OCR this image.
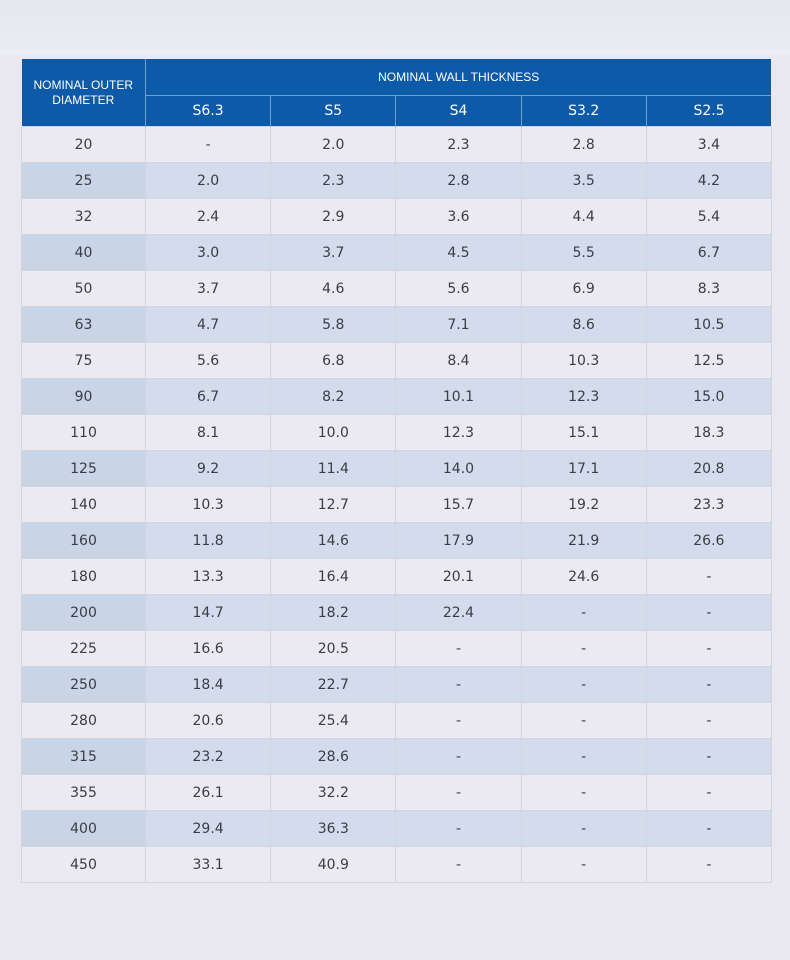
NOMINAL OUTER DIAMETER	NOMINAL WALL THICKNESS				
	S6.3	S5	S4	S3.2	S2.5
20	-	2.0	2.3	2.8	3.4
25	2.0	2.3	2.8	3.5	4.2
32	2.4	2.9	3.6	4.4	5.4
40	3.0	3.7	4.5	5.5	6.7
50	3.7	4.6	5.6	6.9	8.3
63	4.7	5.8	7.1	8.6	10.5
75	5.6	6.8	8.4	10.3	12.5
90	6.7	8.2	10.1	12.3	15.0
110	8.1	10.0	12.3	15.1	18.3
125	9.2	11.4	14.0	17.1	20.8
140	10.3	12.7	15.7	19.2	23.3
160	11.8	14.6	17.9	21.9	26.6
180	13.3	16.4	20.1	24.6	-
200	14.7	18.2	22.4	-	-
225	16.6	20.5	-	-	-
250	18.4	22.7	-	-	-
280	20.6	25.4	-	-	-
315	23.2	28.6	-	-	-
355	26.1	32.2	-	-	-
400	29.4	36.3	-	-	-
450	33.1	40.9	-	-	-
